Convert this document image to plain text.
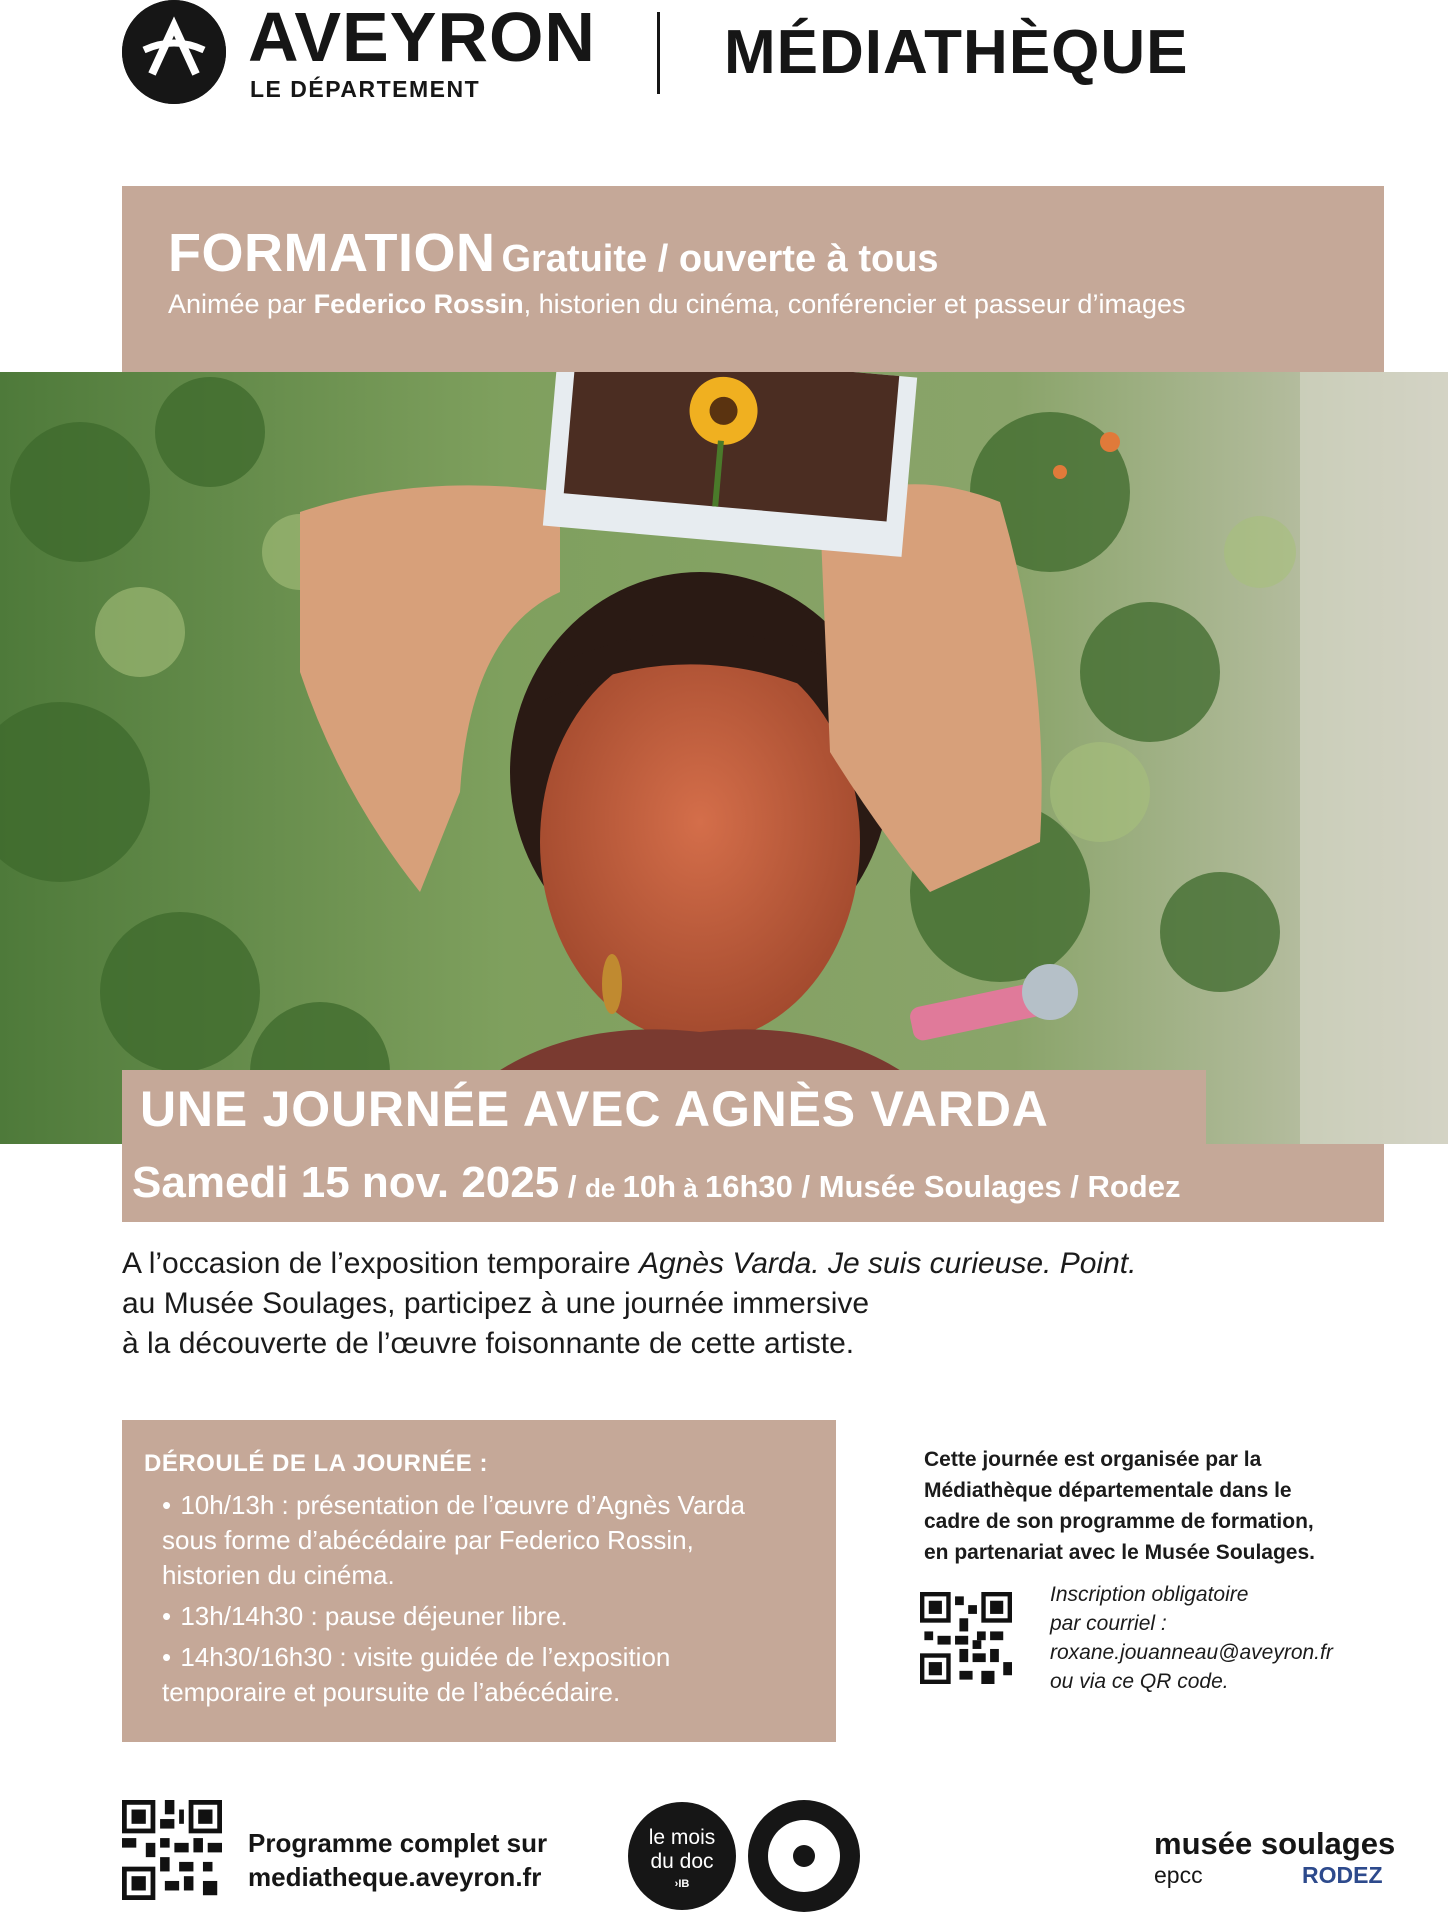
AVEYRON
LE DÉPARTEMENT
MÉDIATHÈQUE
FORMATION Gratuite / ouverte à tous
Animée par Federico Rossin, historien du cinéma, conférencier et passeur d’images
UNE JOURNÉE AVEC AGNÈS VARDA
Samedi 15 nov. 2025 / de 10h à 16h30 / Musée Soulages / Rodez

A l’occasion de l’exposition temporaire Agnès Varda. Je suis curieuse. Point.

au Musée Soulages, participez à une journée immersive

à la découverte de l’œuvre foisonnante de cette artiste.

DÉROULÉ DE LA JOURNÉE :
• 10h/13h : présentation de l’œuvre d’Agnès Varda sous forme d’abécédaire par Federico Rossin, historien du cinéma.
• 13h/14h30 : pause déjeuner libre.
• 14h30/16h30 : visite guidée de l’exposition temporaire et poursuite de l’abécédaire.

Cette journée est organisée par la

Médiathèque départementale dans le

cadre de son programme de formation,

en partenariat avec le Musée Soulages.

Inscription obligatoire

par courriel :

roxane.jouanneau@aveyron.fr

ou via ce QR code.

Programme complet sur

mediatheque.aveyron.fr

le mois
du doc
›IB
musée soulages
epcc	RODEZ
